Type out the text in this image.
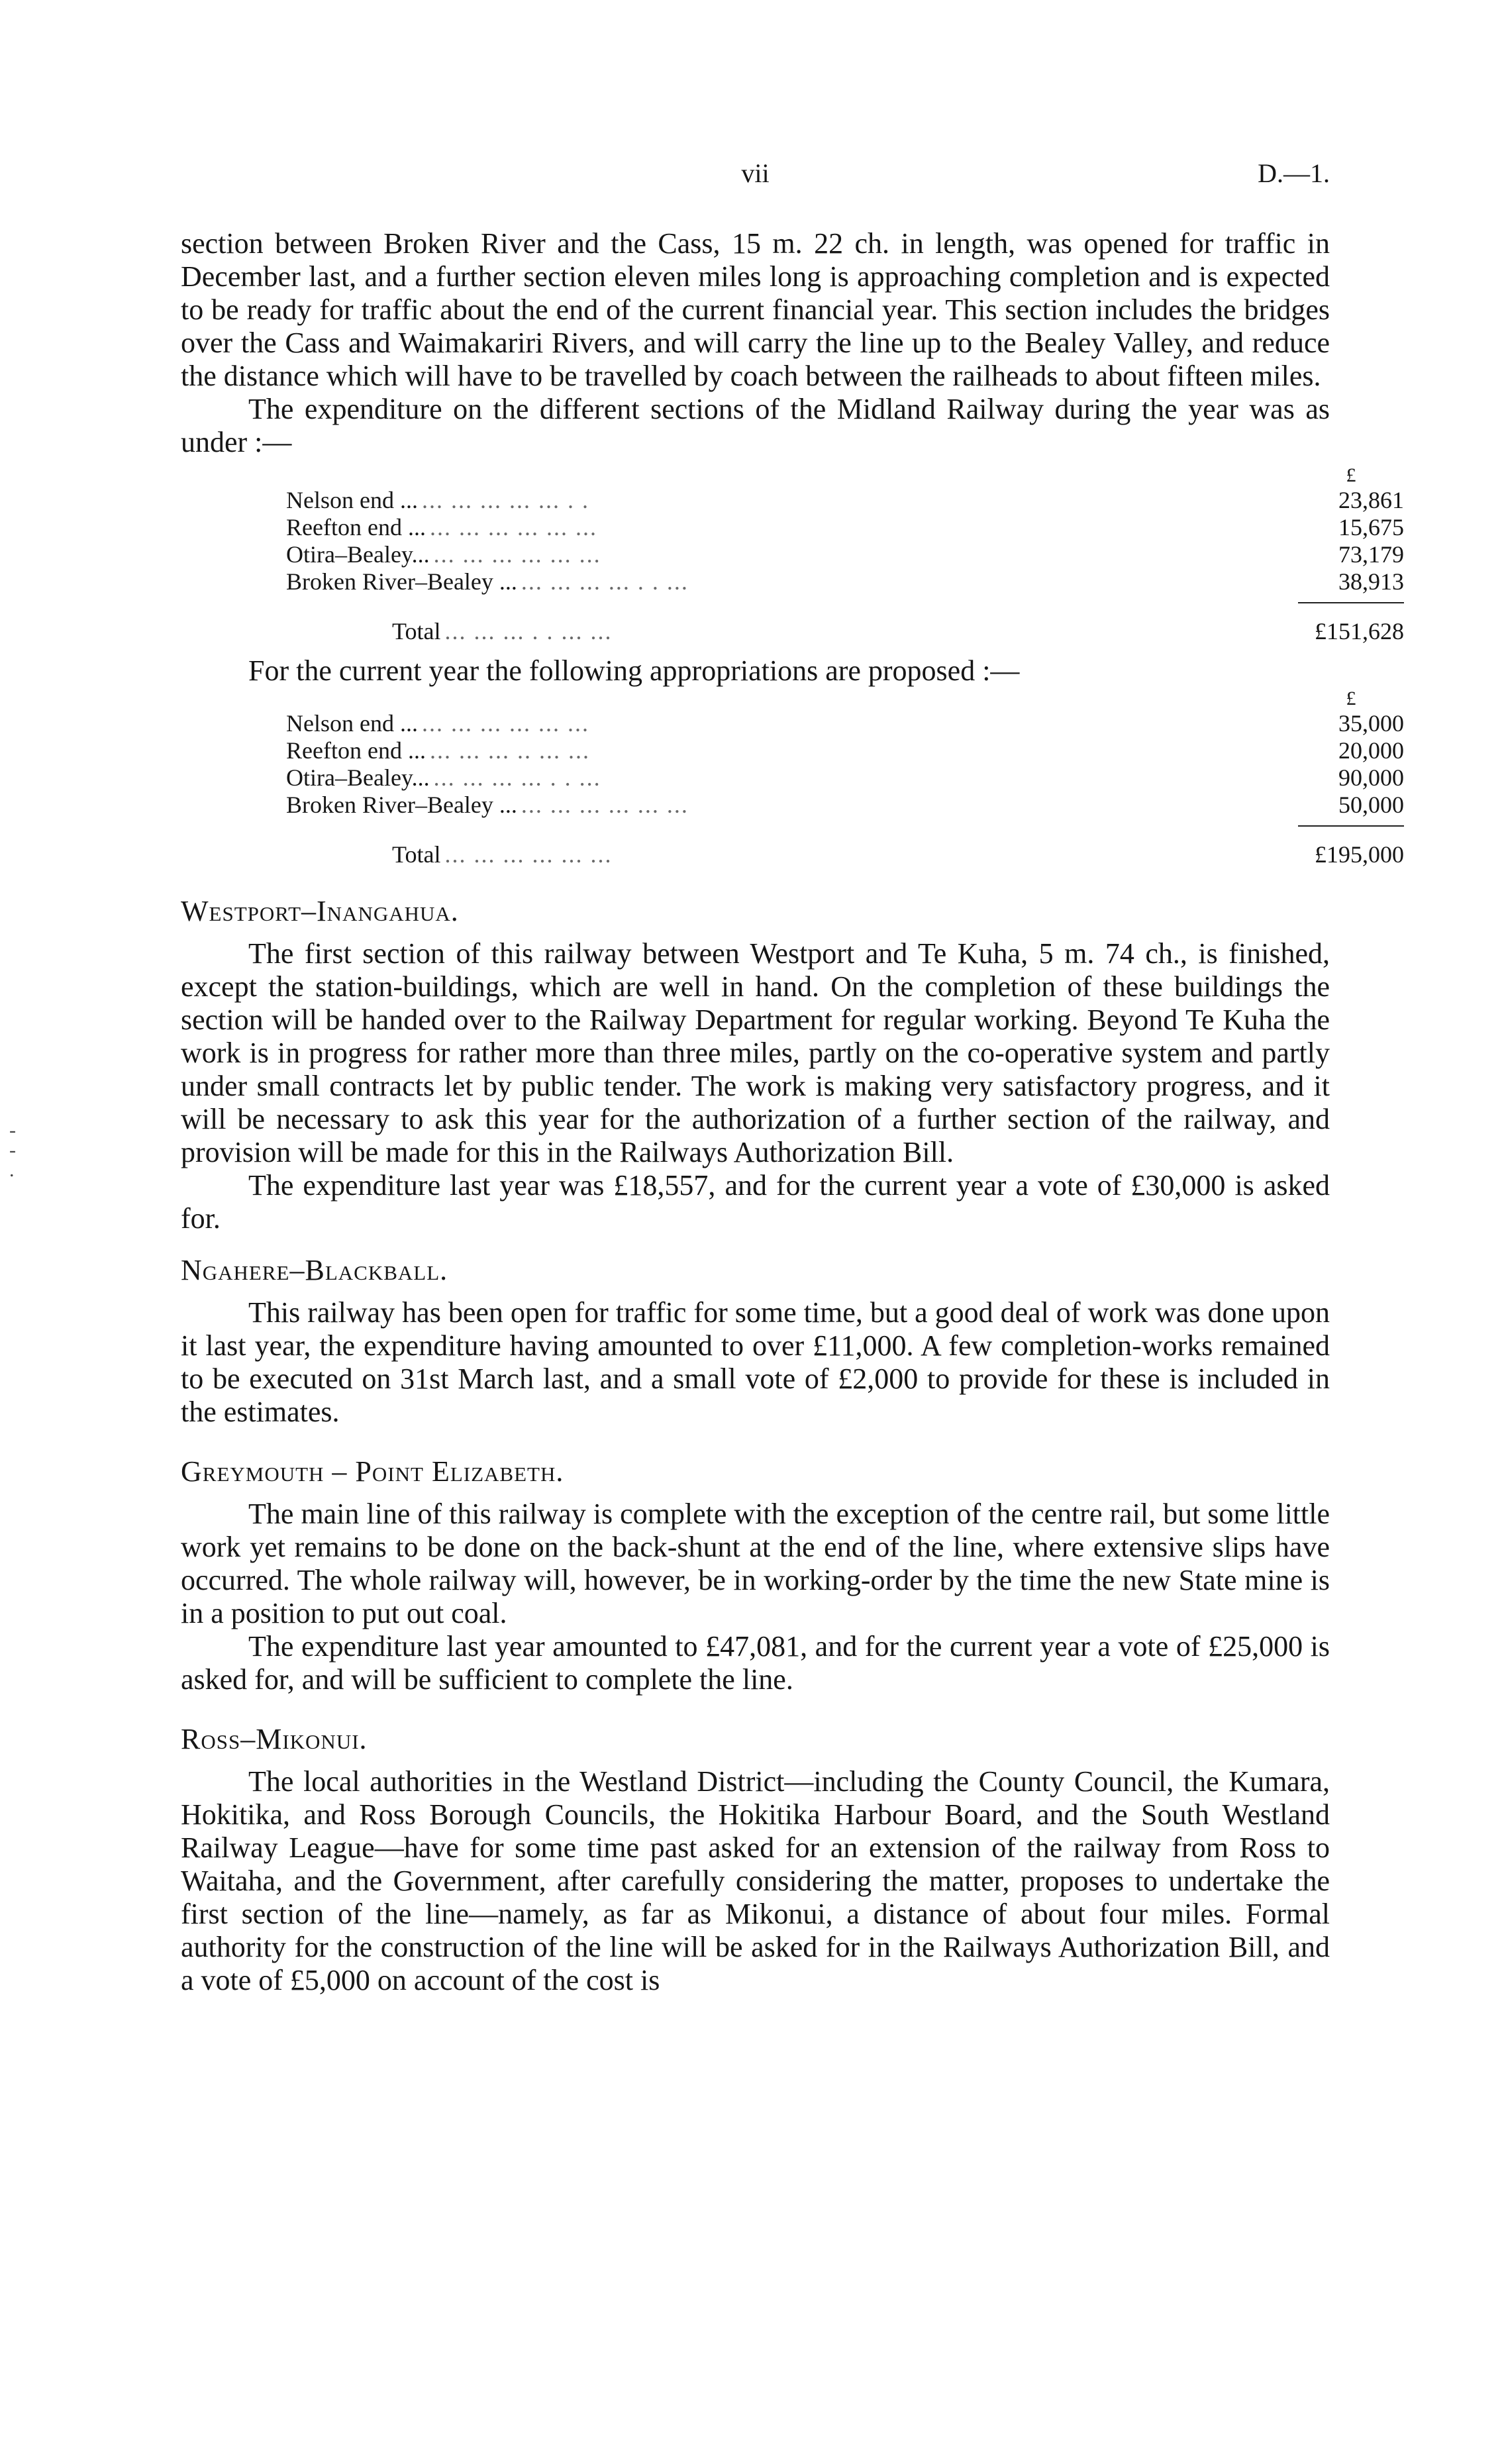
vii	D.—1.
-
-
.

section between Broken River and the Cass, 15 m. 22 ch. in length, was opened for traffic in December last, and a further section eleven miles long is approaching completion and is expected to be ready for traffic about the end of the current financial year. This section includes the bridges over the Cass and Waimakariri Rivers, and will carry the line up to the Bealey Valley, and reduce the distance which will have to be travelled by coach between the railheads to about fifteen miles.

The expenditure on the different sections of the Midland Railway during the year was as under :—

£
Nelson end ... ... ... ... ... ... . .	23,861
Reefton end ... ... ... ... ... ... ...	15,675
Otira–Bealey... ... ... ... ... ... ...	73,179
Broken River–Bealey ... ... ... ... ... . . ...	38,913
Total ... ... ... . . ... ...	£151,628

For the current year the following appropriations are proposed :—

£
Nelson end ... ... ... ... ... ... ...	35,000
Reefton end ... ... ... ... .. ... ...	20,000
Otira–Bealey... ... ... ... ... . . ...	90,000
Broken River–Bealey ... ... ... ... ... ... ...	50,000
Total ... ... ... ... ... ...	£195,000

Westport–Inangahua.

The first section of this railway between Westport and Te Kuha, 5 m. 74 ch., is finished, except the station-buildings, which are well in hand. On the completion of these buildings the section will be handed over to the Railway Department for regular working. Beyond Te Kuha the work is in progress for rather more than three miles, partly on the co-operative system and partly under small contracts let by public tender. The work is making very satisfactory progress, and it will be necessary to ask this year for the authorization of a further section of the railway, and provision will be made for this in the Railways Authorization Bill.

The expenditure last year was £18,557, and for the current year a vote of £30,000 is asked for.

Ngahere–Blackball.

This railway has been open for traffic for some time, but a good deal of work was done upon it last year, the expenditure having amounted to over £11,000. A few completion-works remained to be executed on 31st March last, and a small vote of £2,000 to provide for these is included in the estimates.

Greymouth – Point Elizabeth.

The main line of this railway is complete with the exception of the centre rail, but some little work yet remains to be done on the back-shunt at the end of the line, where extensive slips have occurred. The whole railway will, however, be in working-order by the time the new State mine is in a position to put out coal.

The expenditure last year amounted to £47,081, and for the current year a vote of £25,000 is asked for, and will be sufficient to complete the line.

Ross–Mikonui.

The local authorities in the Westland District—including the County Council, the Kumara, Hokitika, and Ross Borough Councils, the Hokitika Harbour Board, and the South Westland Railway League—have for some time past asked for an extension of the railway from Ross to Waitaha, and the Government, after carefully considering the matter, proposes to undertake the first section of the line—namely, as far as Mikonui, a distance of about four miles. Formal authority for the construction of the line will be asked for in the Railways Authorization Bill, and a vote of £5,000 on account of the cost is
